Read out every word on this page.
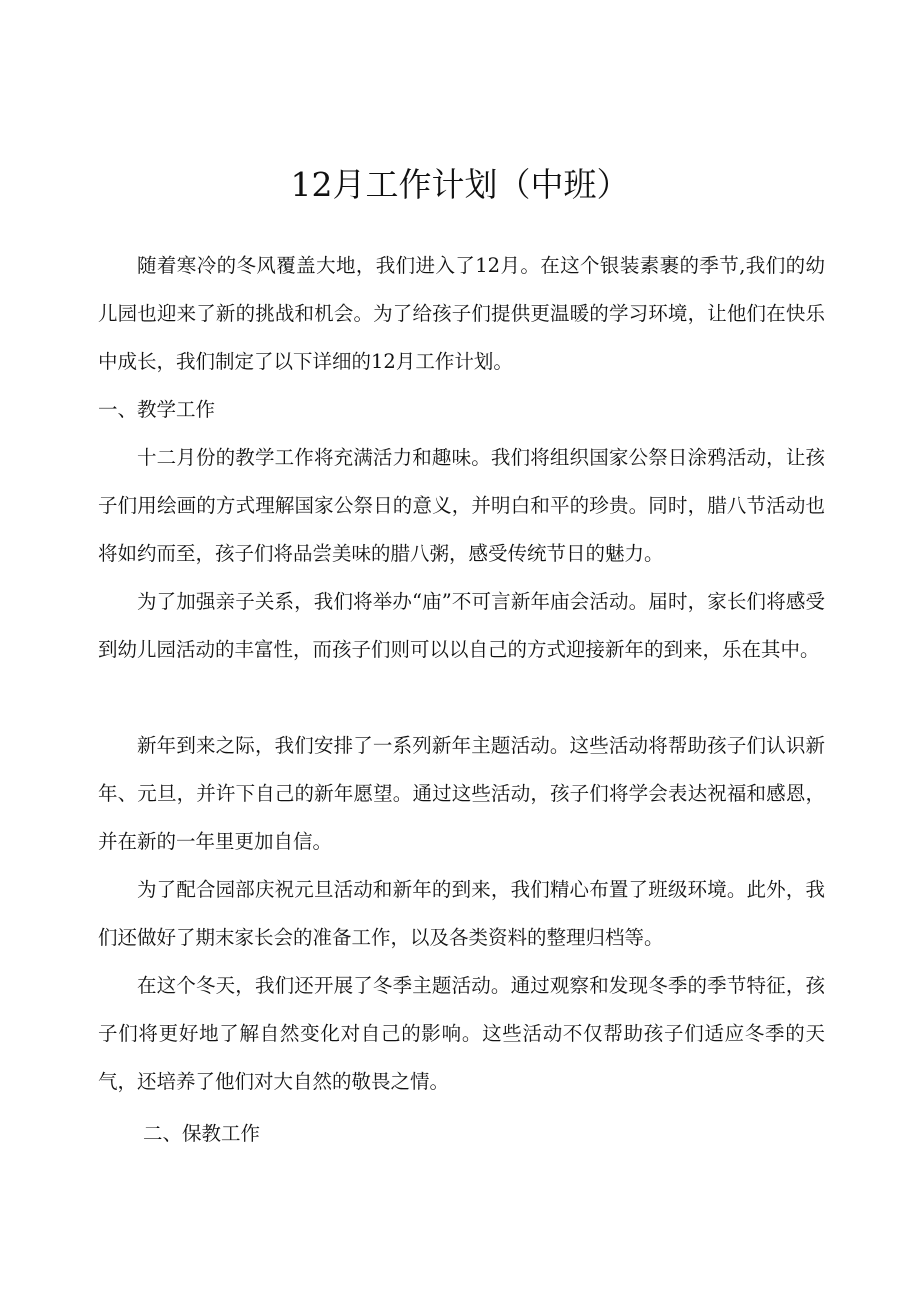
12月工作计划（中班）

随着寒冷的冬风覆盖大地，我们进入了12月。在这个银装素裹的季节,我们的幼儿园也迎来了新的挑战和机会。为了给孩子们提供更温暖的学习环境，让他们在快乐中成长，我们制定了以下详细的12月工作计划。

一、教学工作

十二月份的教学工作将充满活力和趣味。我们将组织国家公祭日涂鸦活动，让孩子们用绘画的方式理解国家公祭日的意义，并明白和平的珍贵。同时，腊八节活动也将如约而至，孩子们将品尝美味的腊八粥，感受传统节日的魅力。

为了加强亲子关系，我们将举办“庙”不可言新年庙会活动。届时，家长们将感受到幼儿园活动的丰富性，而孩子们则可以以自己的方式迎接新年的到来，乐在其中。

新年到来之际，我们安排了一系列新年主题活动。这些活动将帮助孩子们认识新年、元旦，并许下自己的新年愿望。通过这些活动，孩子们将学会表达祝福和感恩，并在新的一年里更加自信。

为了配合园部庆祝元旦活动和新年的到来，我们精心布置了班级环境。此外，我们还做好了期末家长会的准备工作，以及各类资料的整理归档等。

在这个冬天，我们还开展了冬季主题活动。通过观察和发现冬季的季节特征，孩子们将更好地了解自然变化对自己的影响。这些活动不仅帮助孩子们适应冬季的天气，还培养了他们对大自然的敬畏之情。

二、保教工作
